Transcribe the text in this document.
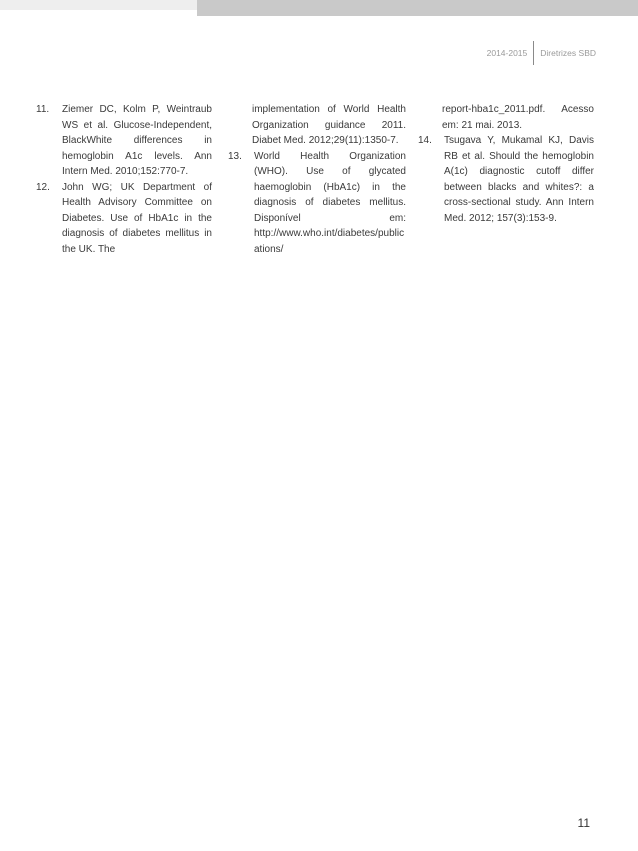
2014-2015 Diretrizes SBD
11.	Ziemer DC, Kolm P, Weintraub WS et al. Glucose-Independent, BlackWhite differences in hemoglobin A1c levels. Ann Intern Med. 2010;152:770-7.
12.	John WG; UK Department of Health Advisory Committee on Diabetes. Use of HbA1c in the diagnosis of diabetes mellitus in the UK. The
implementation of World Health Organization guidance 2011. Diabet Med. 2012;29(11):1350-7.
13.	World Health Organization (WHO). Use of glycated haemoglobin (HbA1c) in the diagnosis of diabetes mellitus. Disponível em: http://www.who.int/diabetes/publications/
report-hba1c_2011.pdf. Acesso em: 21 mai. 2013.
14.	Tsugava Y, Mukamal KJ, Davis RB et al. Should the hemoglobin A(1c) diagnostic cutoff differ between blacks and whites?: a cross-sectional study. Ann Intern Med. 2012; 157(3):153-9.
11
